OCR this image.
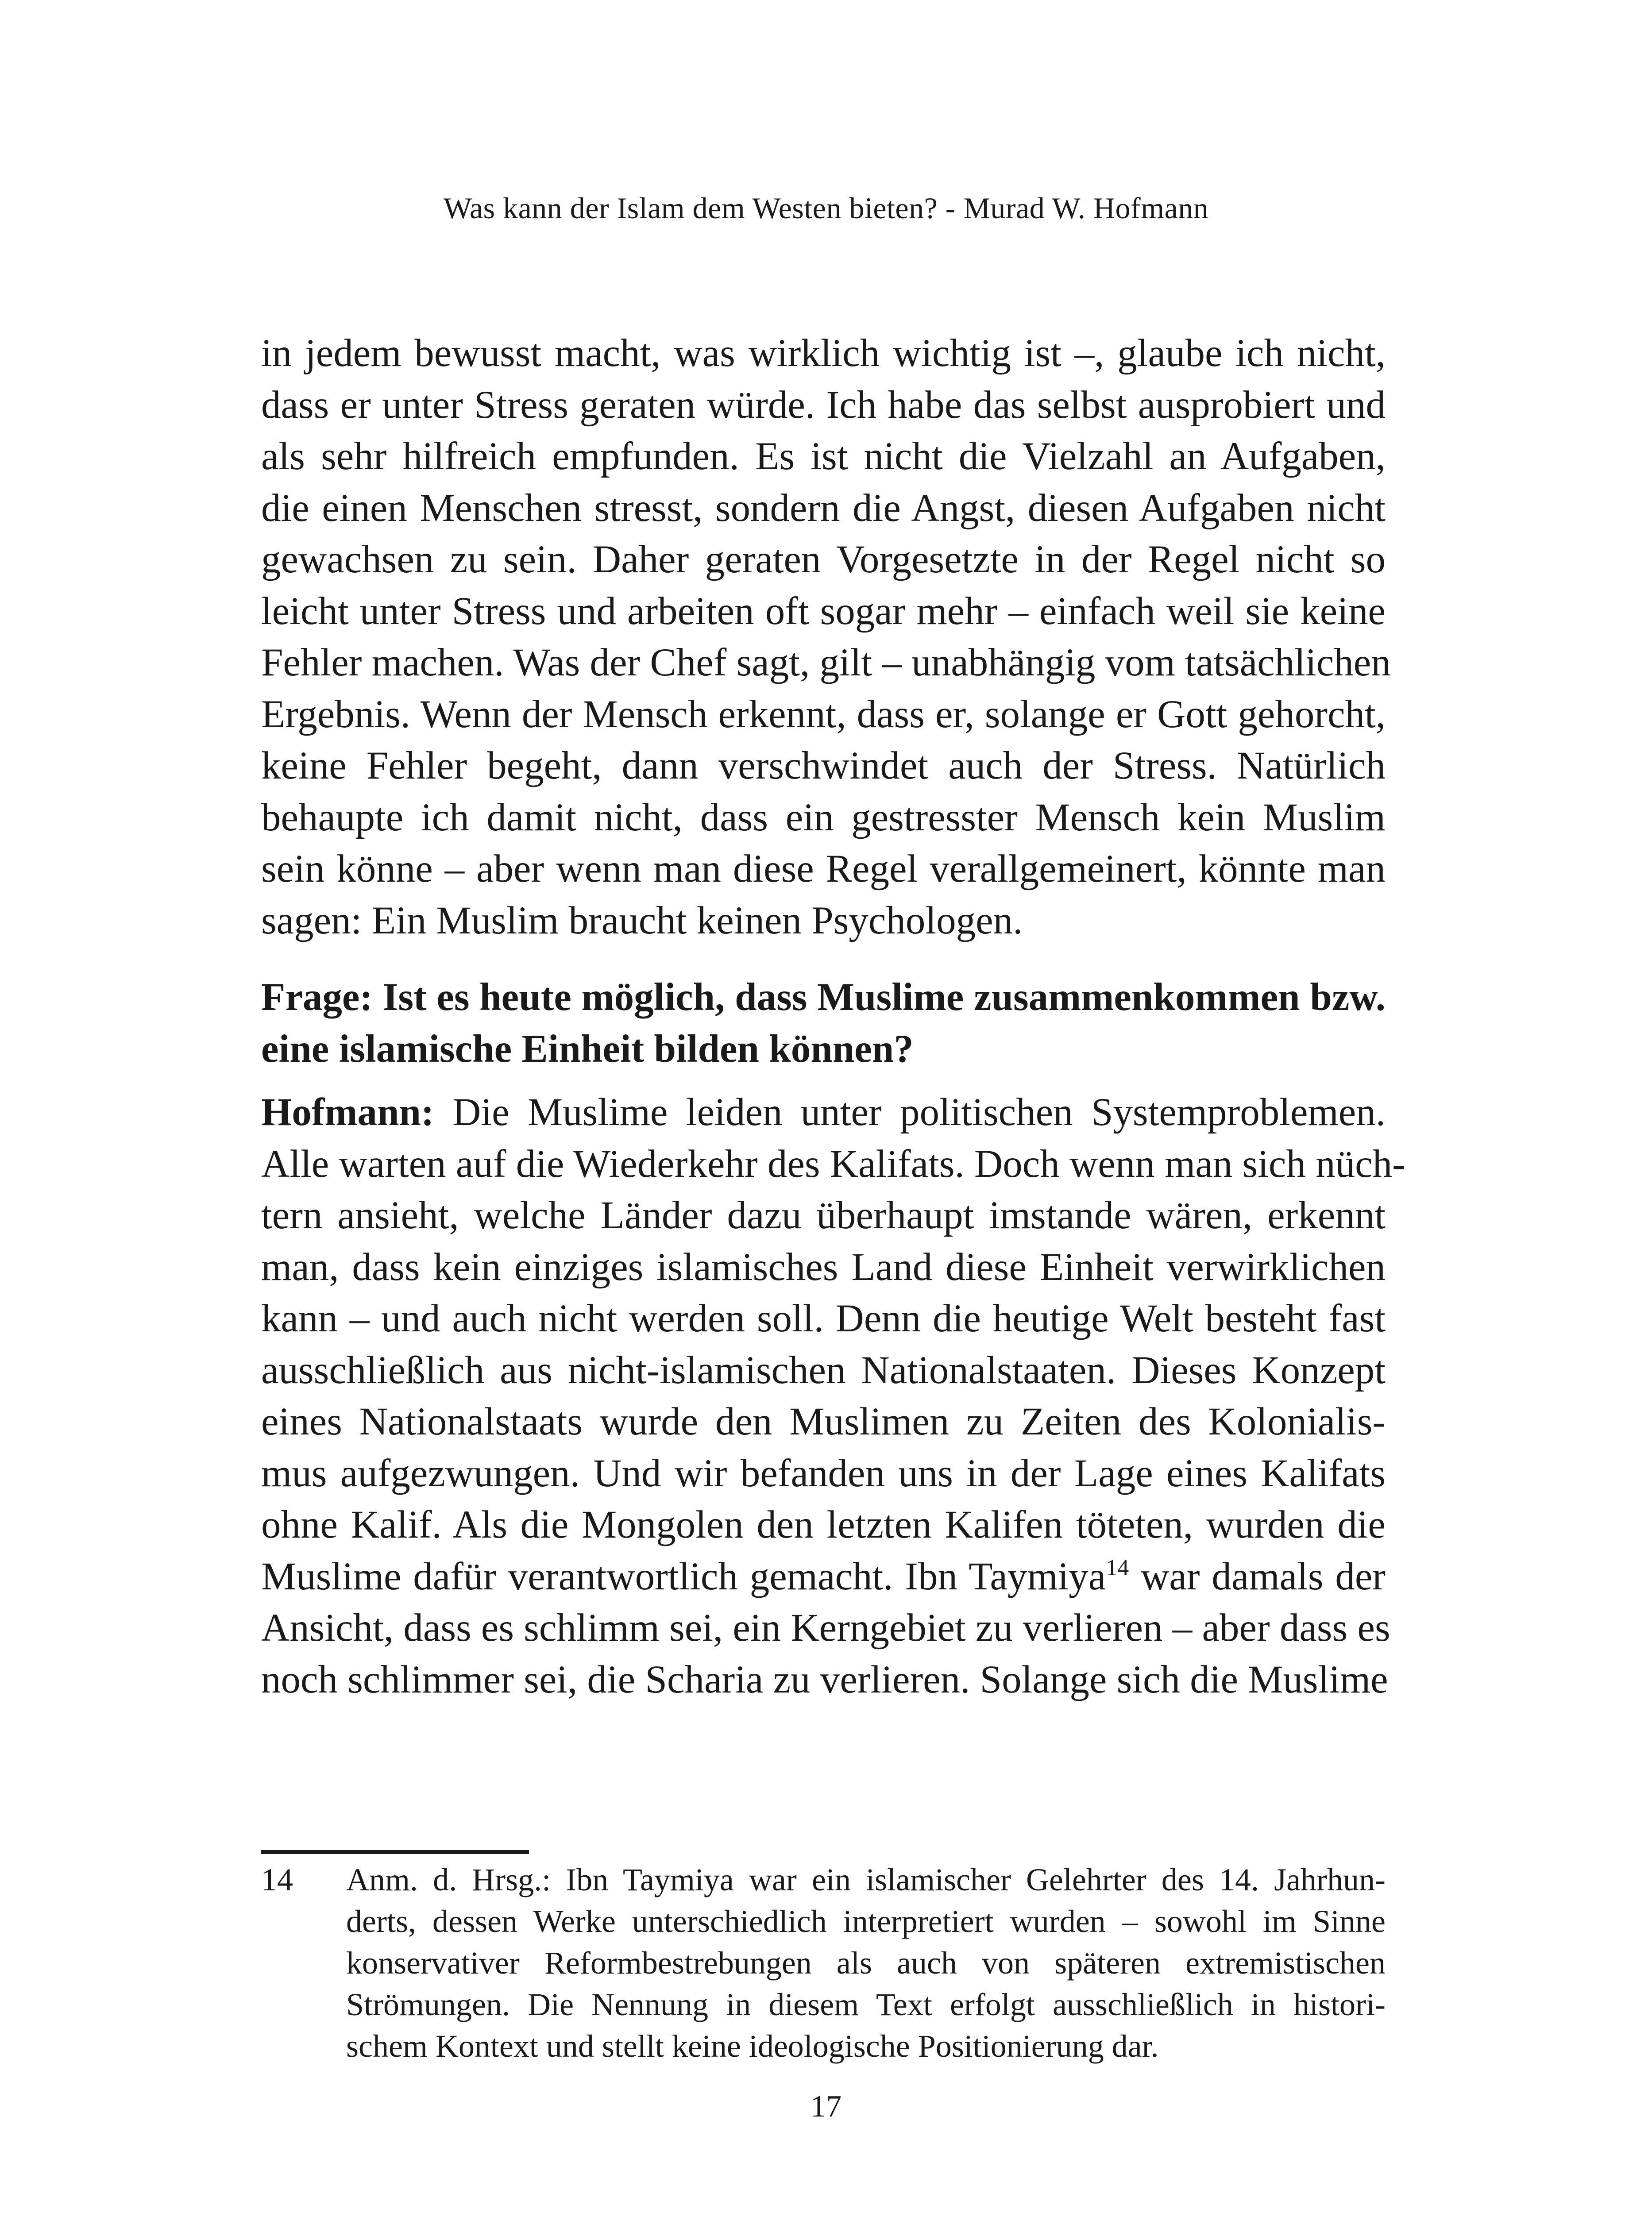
Was kann der Islam dem Westen bieten? - Murad W. Hofmann
in jedem bewusst macht, was wirklich wichtig ist –, glaube ich nicht,
dass er unter Stress geraten würde. Ich habe das selbst ausprobiert und
als sehr hilfreich empfunden. Es ist nicht die Vielzahl an Aufgaben,
die einen Menschen stresst, sondern die Angst, diesen Aufgaben nicht
gewachsen zu sein. Daher geraten Vorgesetzte in der Regel nicht so
leicht unter Stress und arbeiten oft sogar mehr – einfach weil sie keine
Fehler machen. Was der Chef sagt, gilt – unabhängig vom tatsächlichen
Ergebnis. Wenn der Mensch erkennt, dass er, solange er Gott gehorcht,
keine Fehler begeht, dann verschwindet auch der Stress. Natürlich
behaupte ich damit nicht, dass ein gestresster Mensch kein Muslim
sein könne – aber wenn man diese Regel verallgemeinert, könnte man
sagen: Ein Muslim braucht keinen Psychologen.
Frage: Ist es heute möglich, dass Muslime zusammenkommen bzw.
eine islamische Einheit bilden können?
Hofmann: Die Muslime leiden unter politischen Systemproblemen.
Alle warten auf die Wiederkehr des Kalifats. Doch wenn man sich nüch-
tern ansieht, welche Länder dazu überhaupt imstande wären, erkennt
man, dass kein einziges islamisches Land diese Einheit verwirklichen
kann – und auch nicht werden soll. Denn die heutige Welt besteht fast
ausschließlich aus nicht-islamischen Nationalstaaten. Dieses Konzept
eines Nationalstaats wurde den Muslimen zu Zeiten des Kolonialis-
mus aufgezwungen. Und wir befanden uns in der Lage eines Kalifats
ohne Kalif. Als die Mongolen den letzten Kalifen töteten, wurden die
Muslime dafür verantwortlich gemacht. Ibn Taymiya$^{14}$ war damals der
Ansicht, dass es schlimm sei, ein Kerngebiet zu verlieren – aber dass es
noch schlimmer sei, die Scharia zu verlieren. Solange sich die Muslime
14 Anm. d. Hrsg.: Ibn Taymiya war ein islamischer Gelehrter des 14. Jahrhun-
derts, dessen Werke unterschiedlich interpretiert wurden – sowohl im Sinne
konservativer Reformbestrebungen als auch von späteren extremistischen
Strömungen. Die Nennung in diesem Text erfolgt ausschließlich in histori-
schem Kontext und stellt keine ideologische Positionierung dar.
17
